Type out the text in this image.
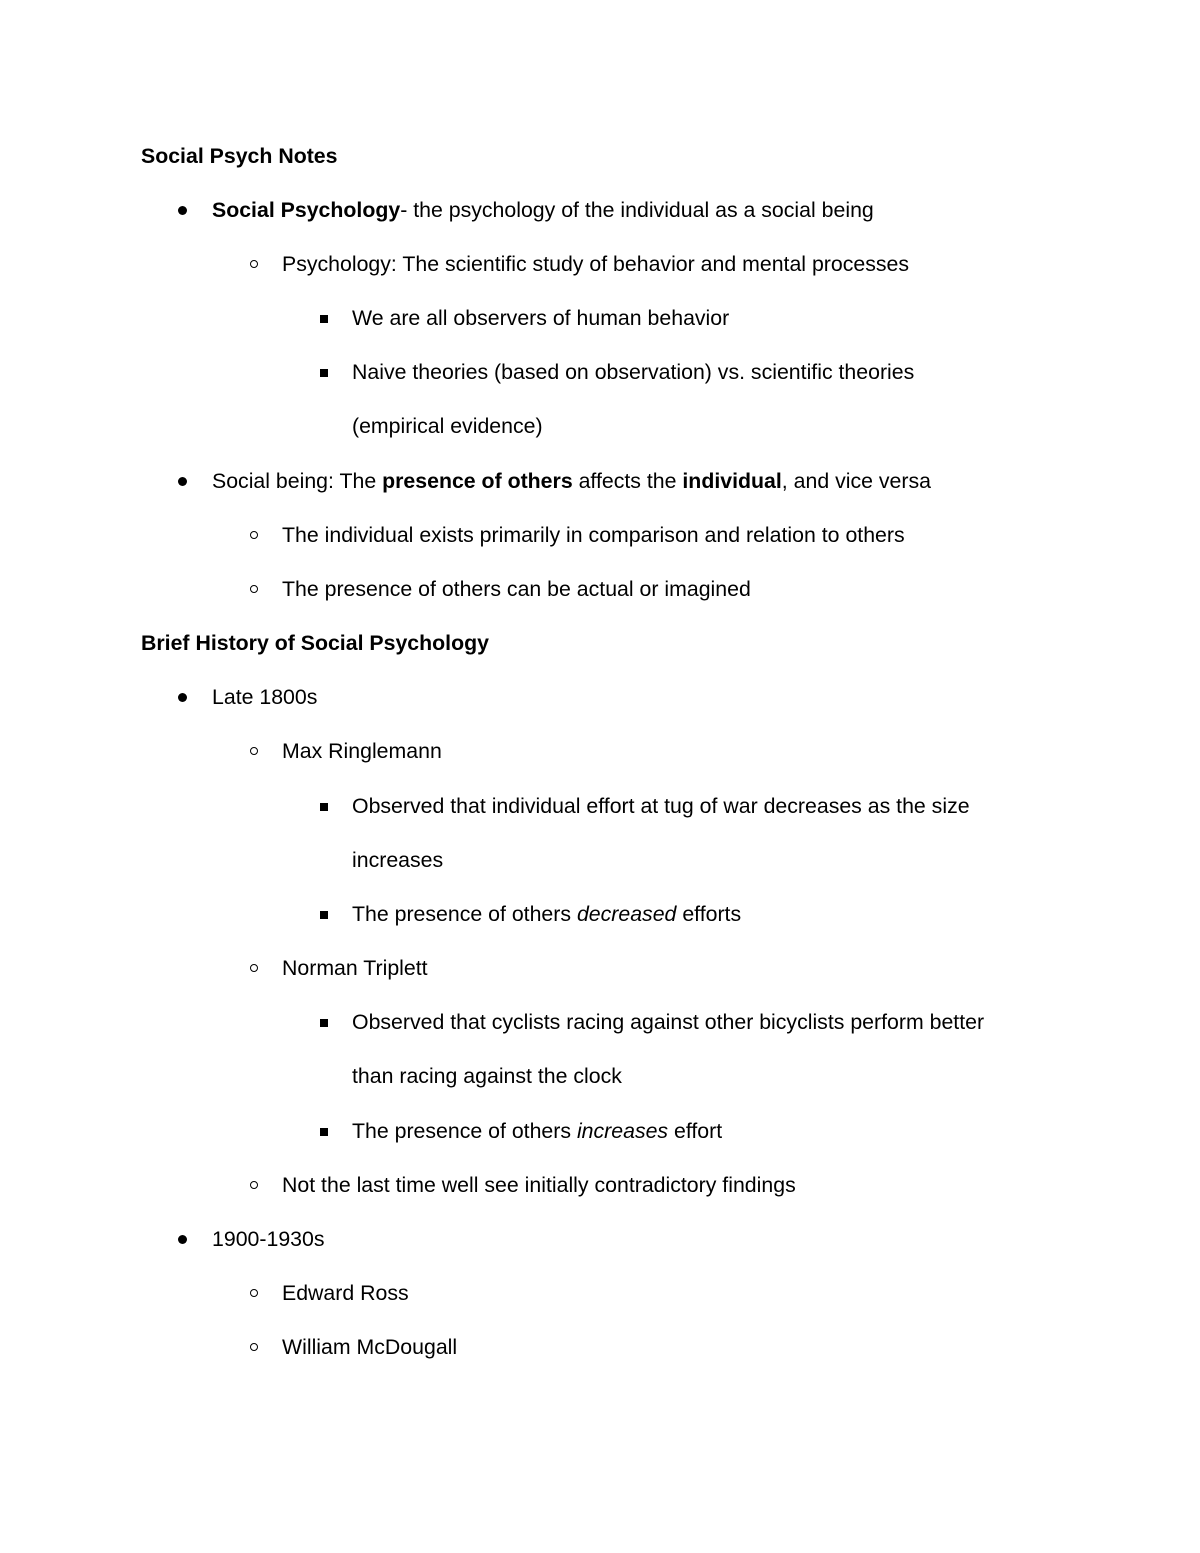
Social Psych Notes
Social Psychology- the psychology of the individual as a social being
Psychology: The scientific study of behavior and mental processes
We are all observers of human behavior
Naive theories (based on observation) vs. scientific theories
(empirical evidence)
Social being: The presence of others affects the individual, and vice versa
The individual exists primarily in comparison and relation to others
The presence of others can be actual or imagined
Brief History of Social Psychology
Late 1800s
Max Ringlemann
Observed that individual effort at tug of war decreases as the size
increases
The presence of others decreased efforts
Norman Triplett
Observed that cyclists racing against other bicyclists perform better
than racing against the clock
The presence of others increases effort
Not the last time well see initially contradictory findings
1900-1930s
Edward Ross
William McDougall
